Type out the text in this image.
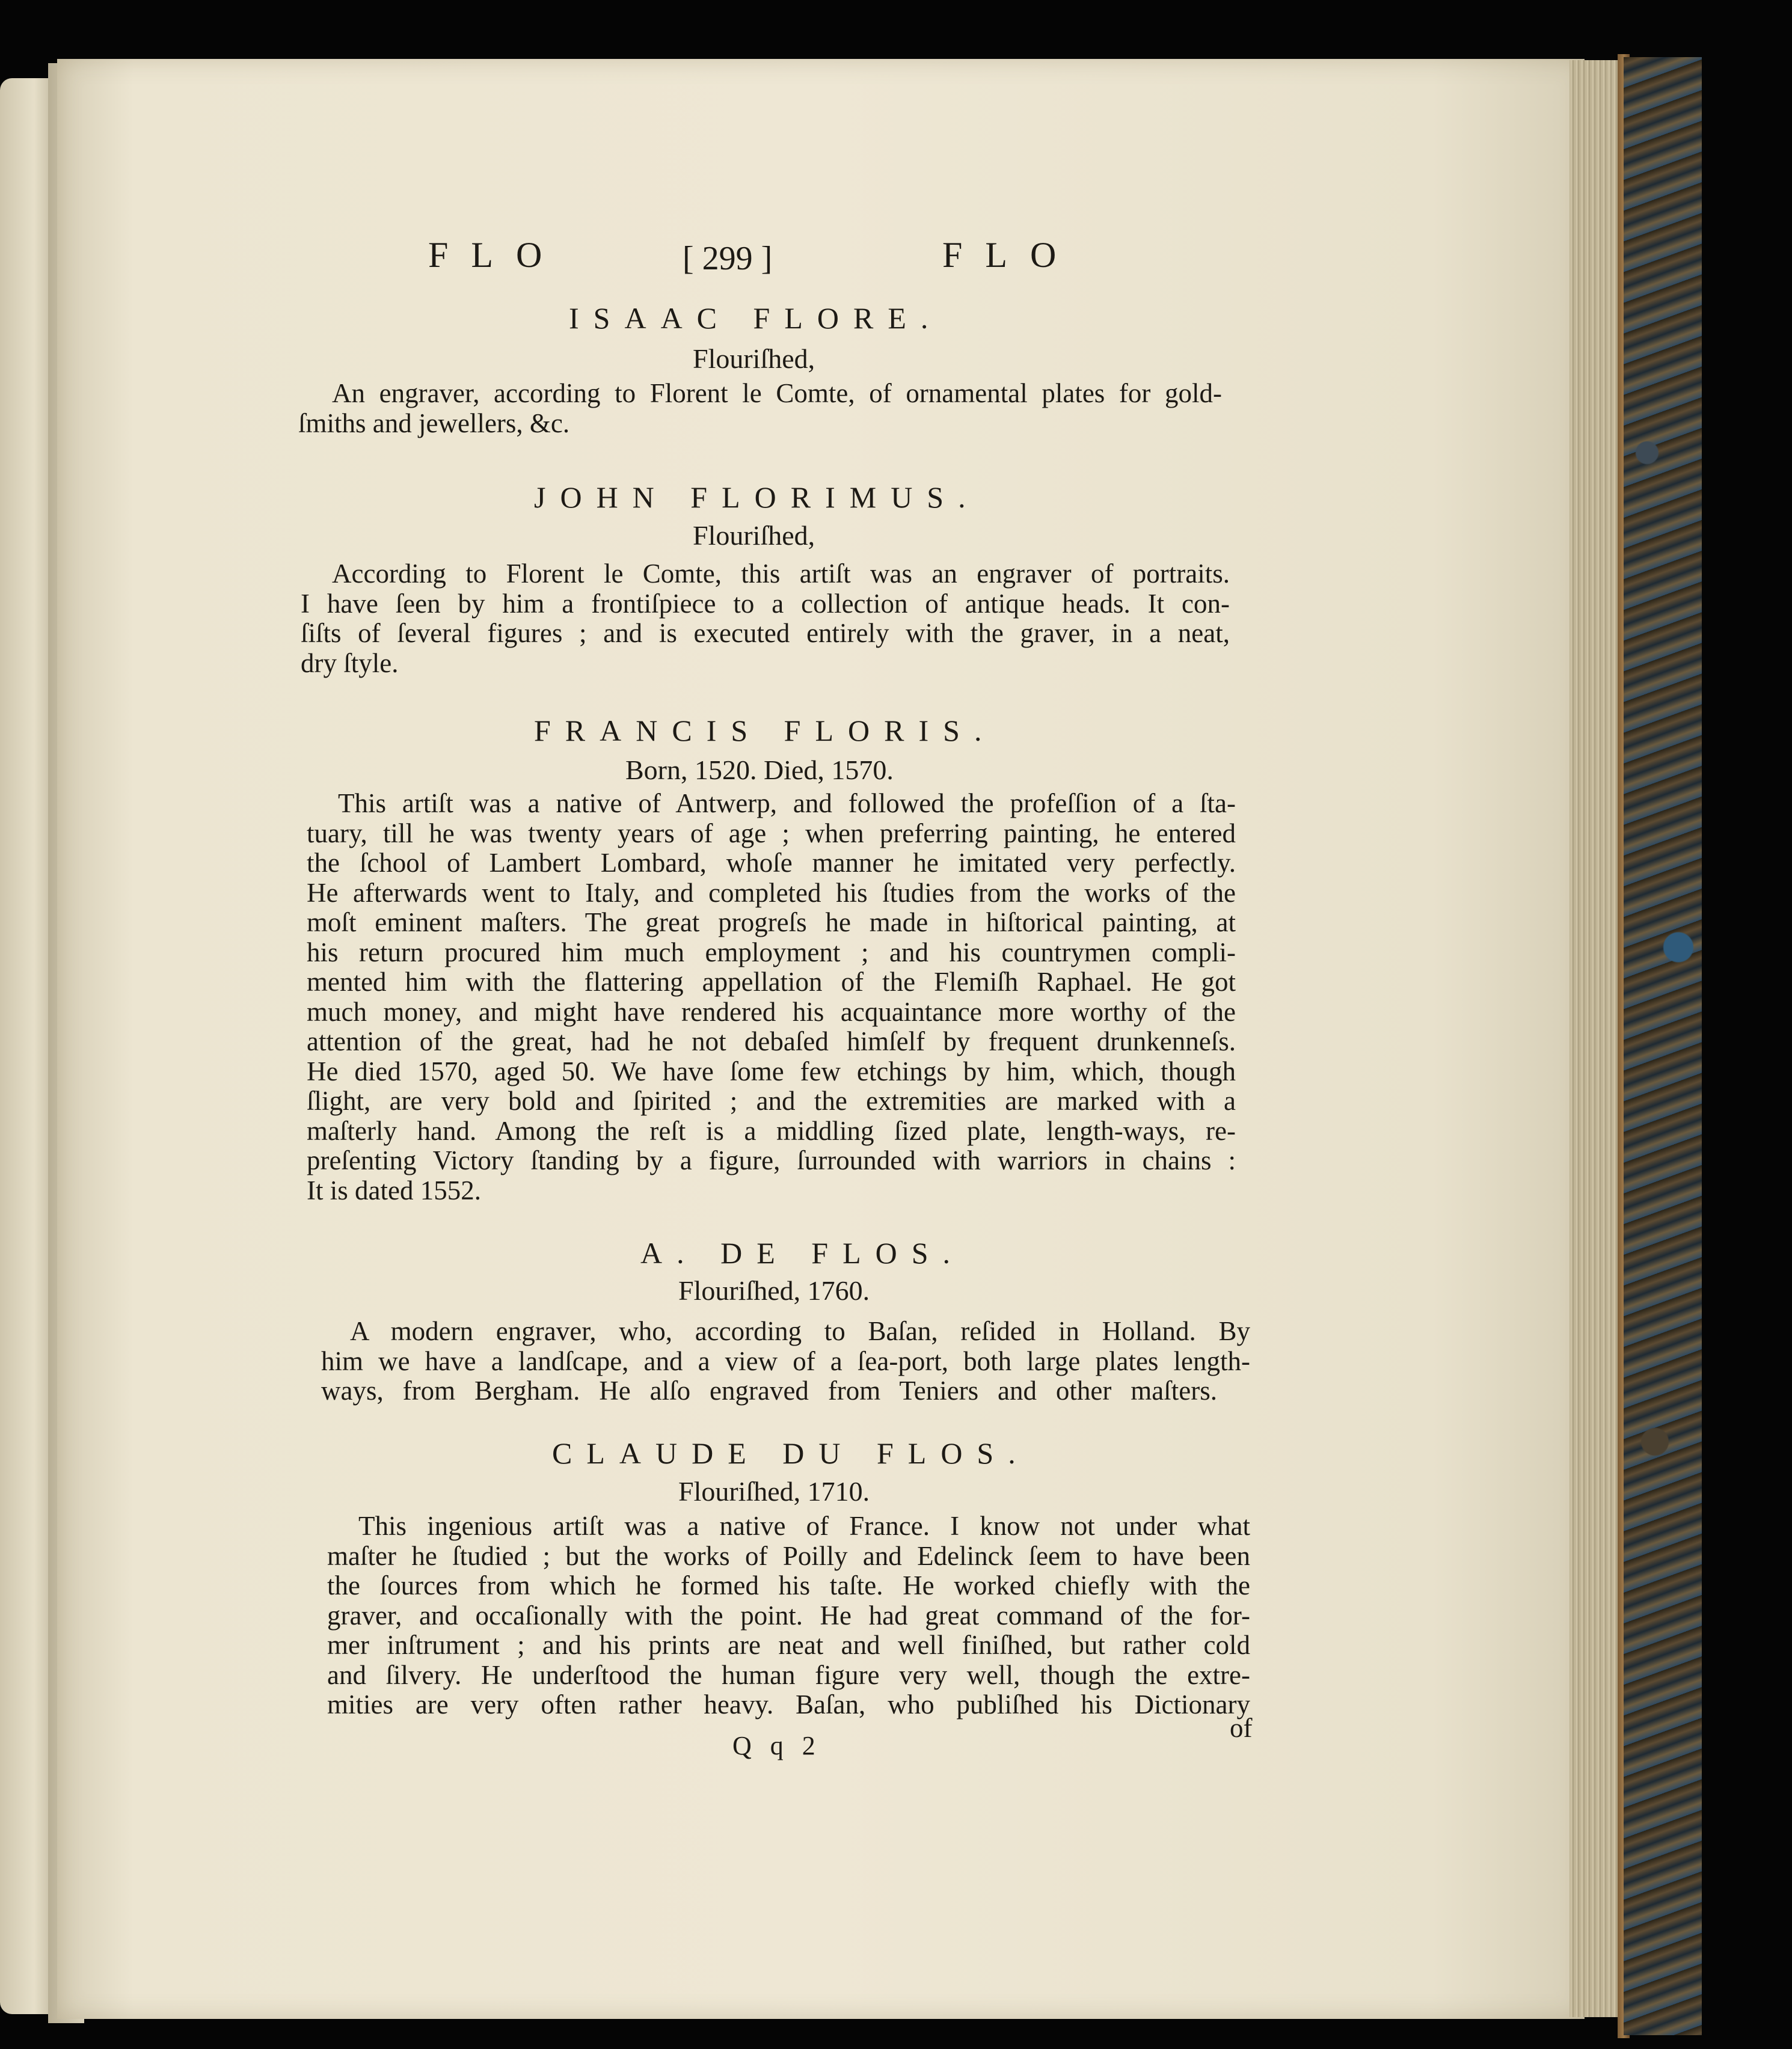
FLO	[ 299 ]	FLO
ISAAC FLORE.
Flouriſhed,
An engraver, according to Florent le Comte, of ornamental plates for gold-
ſmiths and jewellers, &c.
JOHN FLORIMUS.
Flouriſhed,
According to Florent le Comte, this artiſt was an engraver of portraits.
I have ſeen by him a frontiſpiece to a collection of antique heads. It con-
ſiſts of ſeveral figures ; and is executed entirely with the graver, in a neat,
dry ſtyle.
FRANCIS FLORIS.
Born, 1520. Died, 1570.
This artiſt was a native of Antwerp, and followed the profeſſion of a ſta-
tuary, till he was twenty years of age ; when preferring painting, he entered
the ſchool of Lambert Lombard, whoſe manner he imitated very perfectly.
He afterwards went to Italy, and completed his ſtudies from the works of the
moſt eminent maſters. The great progreſs he made in hiſtorical painting, at
his return procured him much employment ; and his countrymen compli-
mented him with the flattering appellation of the Flemiſh Raphael. He got
much money, and might have rendered his acquaintance more worthy of the
attention of the great, had he not debaſed himſelf by frequent drunkenneſs.
He died 1570, aged 50. We have ſome few etchings by him, which, though
ſlight, are very bold and ſpirited ; and the extremities are marked with a
maſterly hand. Among the reſt is a middling ſized plate, length-ways, re-
preſenting Victory ſtanding by a figure, ſurrounded with warriors in chains :
It is dated 1552.
A. DE FLOS.
Flouriſhed, 1760.
A modern engraver, who, according to Baſan, reſided in Holland. By
him we have a landſcape, and a view of a ſea-port, both large plates length-
ways, from Bergham. He alſo engraved from Teniers and other maſters.
CLAUDE DU FLOS.
Flouriſhed, 1710.
This ingenious artiſt was a native of France. I know not under what
maſter he ſtudied ; but the works of Poilly and Edelinck ſeem to have been
the ſources from which he formed his taſte. He worked chiefly with the
graver, and occaſionally with the point. He had great command of the for-
mer inſtrument ; and his prints are neat and well finiſhed, but rather cold
and ſilvery. He underſtood the human figure very well, though the extre-
mities are very often rather heavy. Baſan, who publiſhed his Dictionary
Q q 2
of
